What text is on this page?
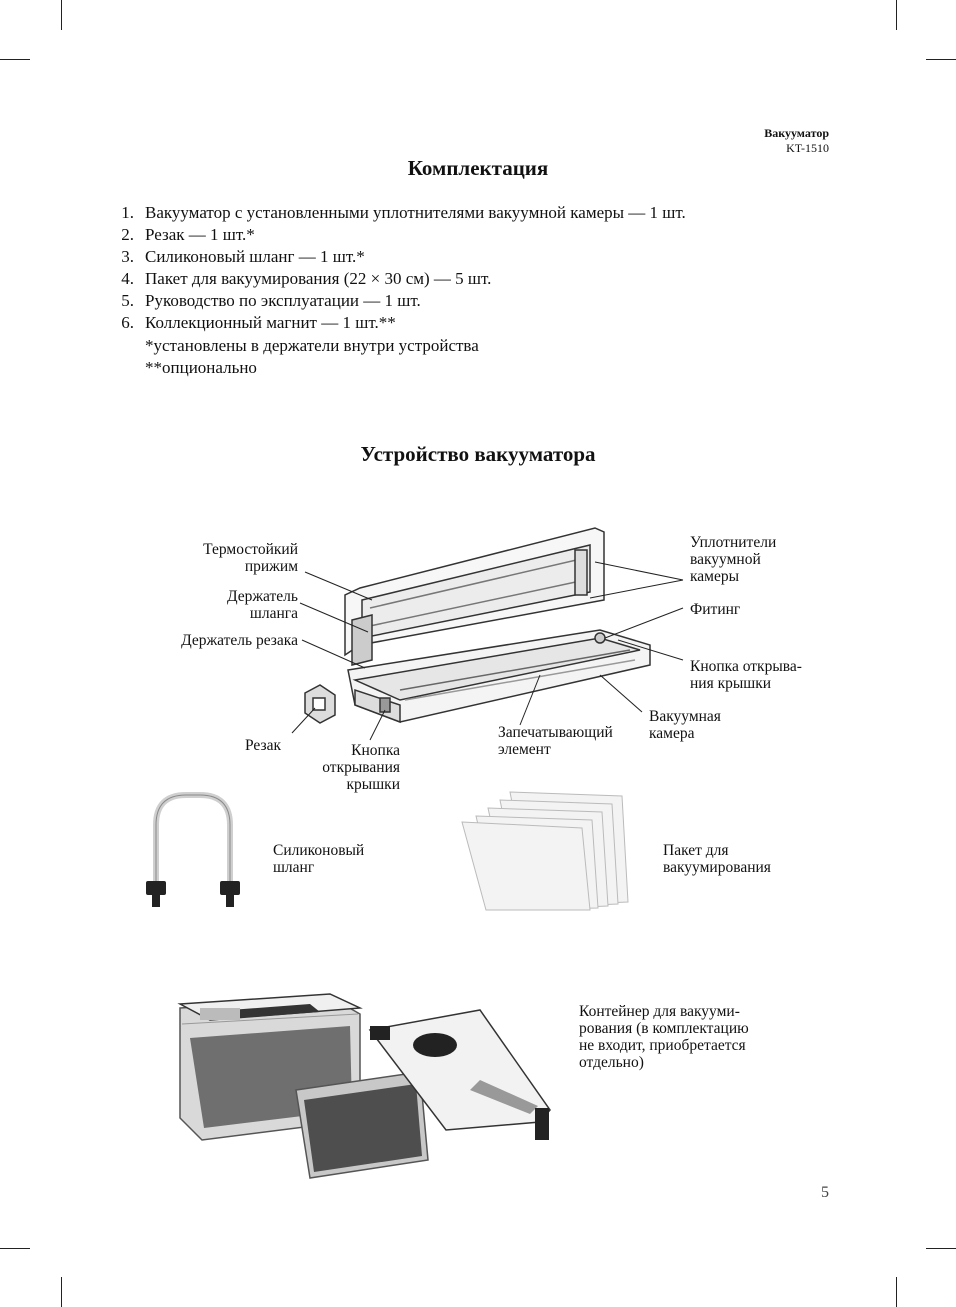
Вакууматор
KT-1510
Комплектация
1. Вакууматор с установленными уплотнителями вакуумной камеры — 1 шт.
2. Резак — 1 шт.*
3. Силиконовый шланг — 1 шт.*
4. Пакет для вакуумирования (22 × 30 см) — 5 шт.
5. Руководство по эксплуатации — 1 шт.
6. Коллекционный магнит — 1 шт.**
*установлены в держатели внутри устройства
**опционально
Устройство вакууматора
Термостойкий
прижим
Держатель
шланга
Держатель резака
Резак	Кнопка
открывания
крышки
Запечатывающий
элемент
Вакуумная
камера
Кнопка открыва-
ния крышки
Фитинг
Уплотнители
вакуумной
камеры
Силиконовый
шланг
Пакет для
вакуумирования
Контейнер для вакууми-
рования (в комплектацию
не входит, приобретается
отдельно)
5
